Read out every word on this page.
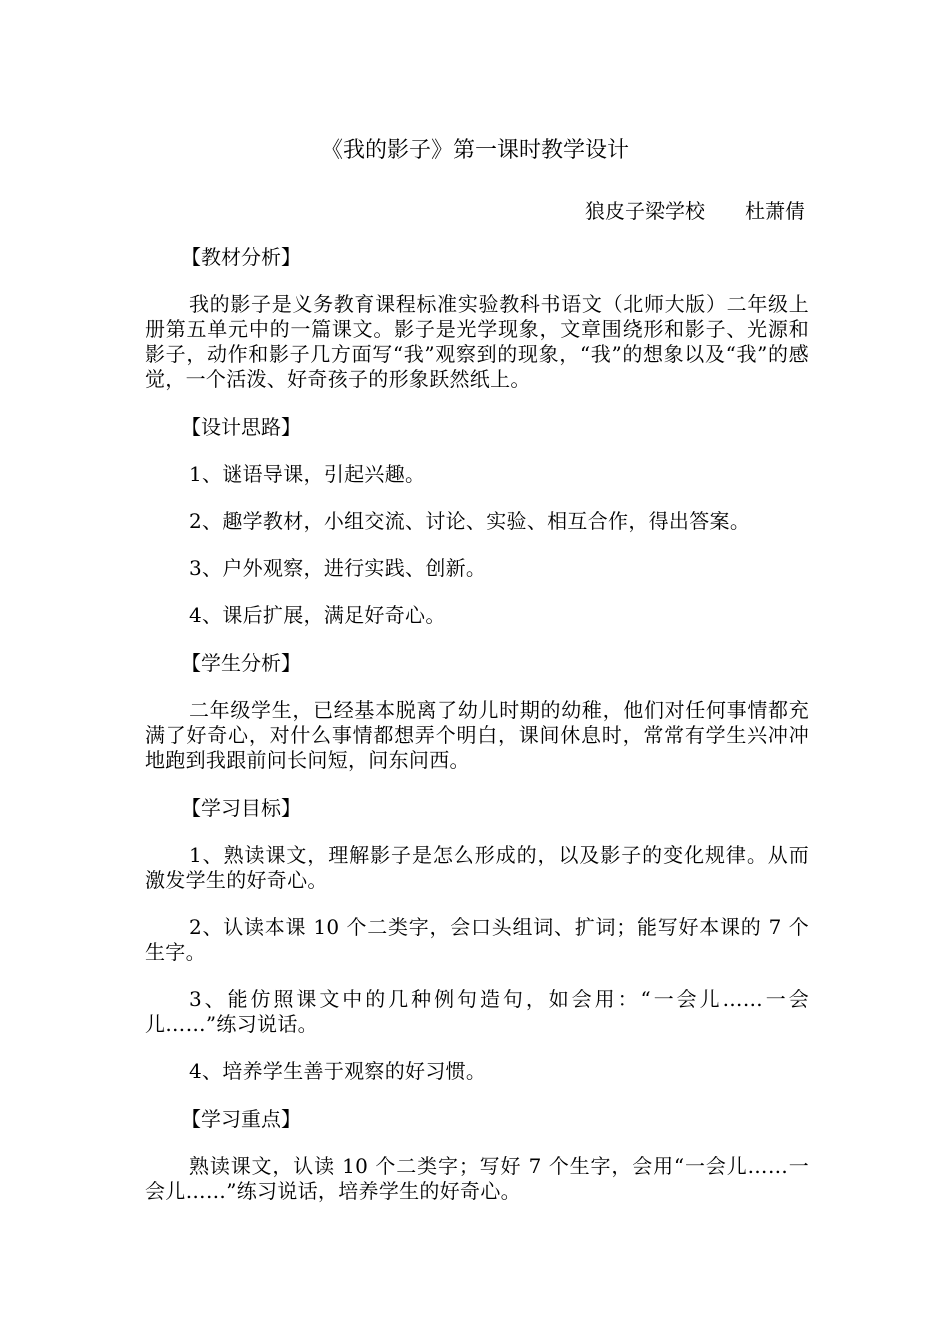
《我的影子》第一课时教学设计
狼皮子梁学校　　杜萧倩
【教材分析】
我的影子是义务教育课程标准实验教科书语文（北师大版）二年级上册第五单元中的一篇课文。影子是光学现象，文章围绕形和影子、光源和影子，动作和影子几方面写“我”观察到的现象，“我”的想象以及“我”的感觉，一个活泼、好奇孩子的形象跃然纸上。
【设计思路】
1、谜语导课，引起兴趣。
2、趣学教材，小组交流、讨论、实验、相互合作，得出答案。
3、户外观察，进行实践、创新。
4、课后扩展，满足好奇心。
【学生分析】
二年级学生，已经基本脱离了幼儿时期的幼稚，他们对任何事情都充满了好奇心，对什么事情都想弄个明白，课间休息时，常常有学生兴冲冲地跑到我跟前问长问短，问东问西。
【学习目标】
1、熟读课文，理解影子是怎么形成的，以及影子的变化规律。从而激发学生的好奇心。
2、认读本课 10 个二类字，会口头组词、扩词；能写好本课的 7 个生字。
3、能仿照课文中的几种例句造句，如会用：“一会儿……一会儿……”练习说话。
4、培养学生善于观察的好习惯。
【学习重点】
熟读课文，认读 10 个二类字；写好 7 个生字，会用“一会儿……一会儿……”练习说话，培养学生的好奇心。
